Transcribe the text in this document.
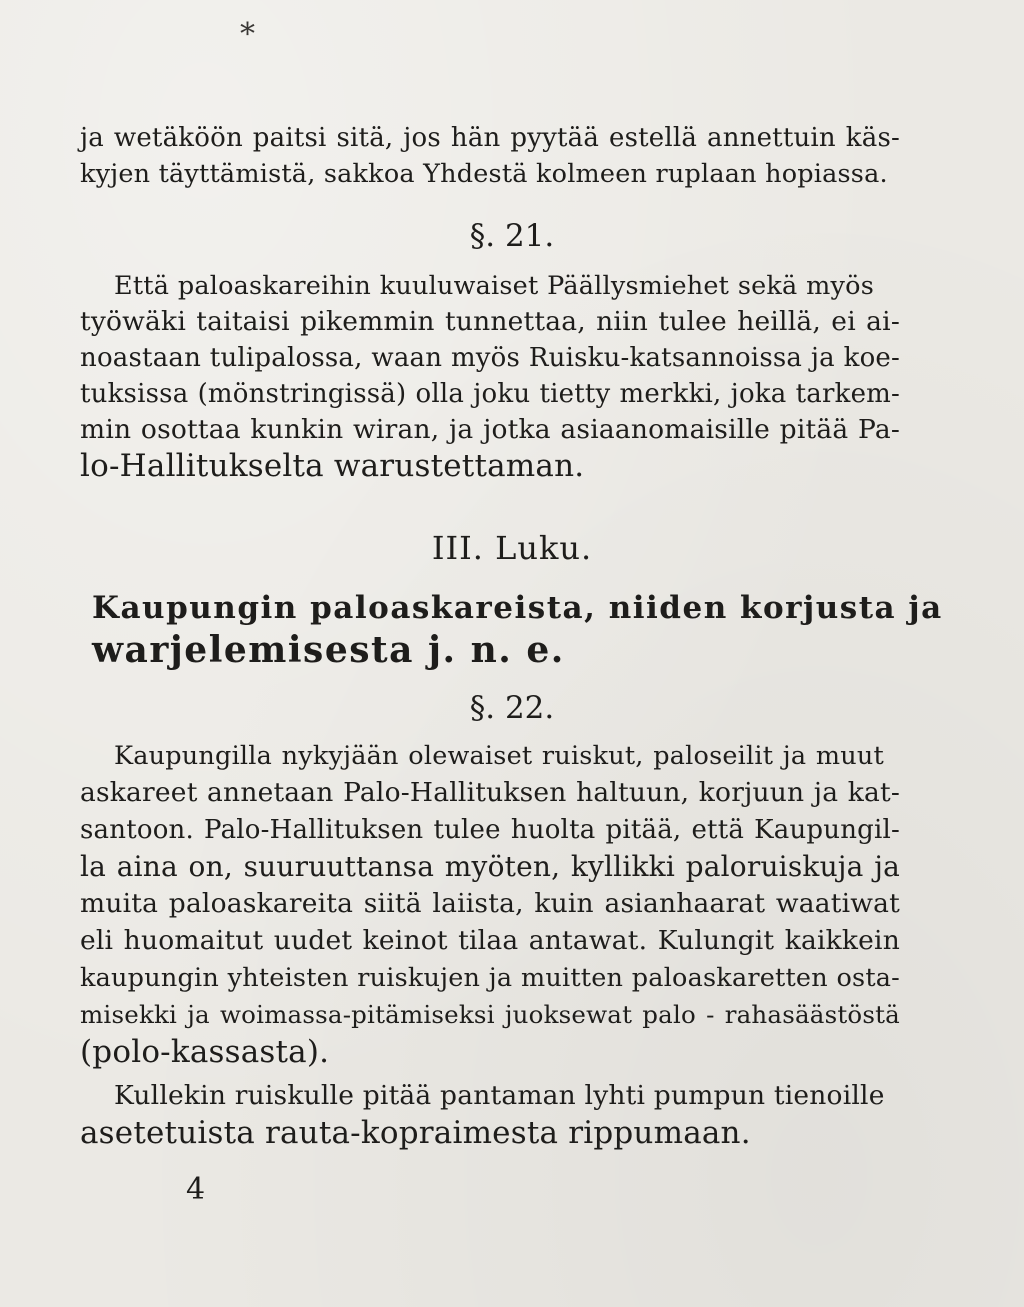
*
ja wetäköön paitsi sitä, jos hän pyytää estellä annettuin käs-
kyjen täyttämistä, sakkoa Yhdestä kolmeen ruplaan hopiassa.
§. 21.
Että paloaskareihin kuuluwaiset Päällysmiehet sekä myös
työwäki taitaisi pikemmin tunnettaa, niin tulee heillä, ei ai-
noastaan tulipalossa, waan myös Ruisku-katsannoissa ja koe-
tuksissa (mönstringissä) olla joku tietty merkki, joka tarkem-
min osottaa kunkin wiran, ja jotka asiaanomaisille pitää Pa-
lo-Hallitukselta warustettaman.
III. Luku.
Kaupungin paloaskareista, niiden korjusta ja
warjelemisesta j. n. e.
§. 22.
Kaupungilla nykyjään olewaiset ruiskut, paloseilit ja muut
askareet annetaan Palo-Hallituksen haltuun, korjuun ja kat-
santoon. Palo-Hallituksen tulee huolta pitää, että Kaupungil-
la aina on, suuruuttansa myöten, kyllikki paloruiskuja ja
muita paloaskareita siitä laiista, kuin asianhaarat waatiwat
eli huomaitut uudet keinot tilaa antawat. Kulungit kaikkein
kaupungin yhteisten ruiskujen ja muitten paloaskaretten osta-
misekki ja woimassa-pitämiseksi juoksewat palo - rahasäästöstä
(polo-kassasta).
Kullekin ruiskulle pitää pantaman lyhti pumpun tienoille
asetetuista rauta-kopraimesta rippumaan.
4
